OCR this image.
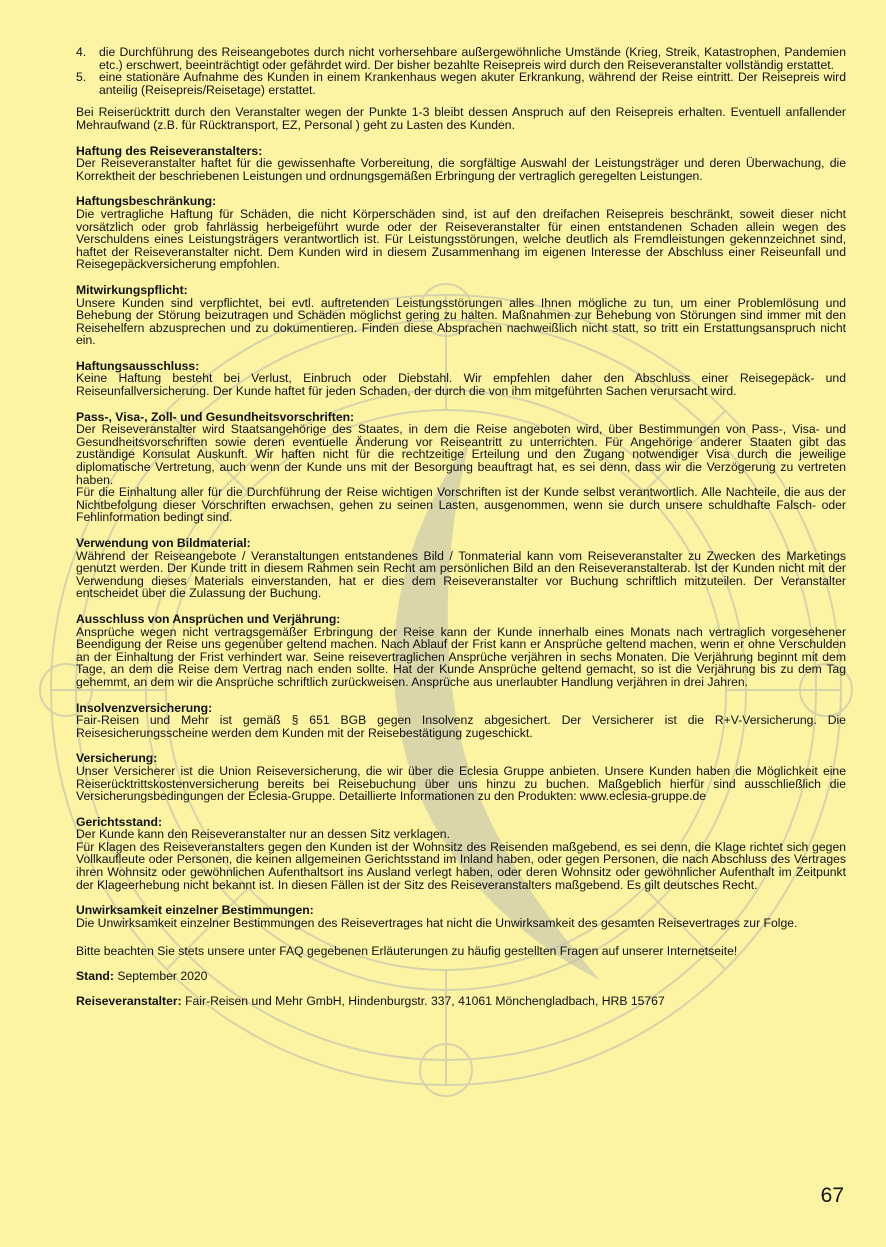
4. die Durchführung des Reiseangebotes durch nicht vorhersehbare außergewöhnliche Umstände (Krieg, Streik, Katastrophen, Pandemien etc.) erschwert, beeinträchtigt oder gefährdet wird. Der bisher bezahlte Reisepreis wird durch den Reiseveranstalter vollständig erstattet.
5. eine stationäre Aufnahme des Kunden in einem Krankenhaus wegen akuter Erkrankung, während der Reise eintritt. Der Reisepreis wird anteilig (Reisepreis/Reisetage) erstattet.

Bei Reiserücktritt durch den Veranstalter wegen der Punkte 1-3 bleibt dessen Anspruch auf den Reisepreis erhalten. Eventuell anfallender Mehraufwand (z.B. für Rücktransport, EZ, Personal ) geht zu Lasten des Kunden.

Haftung des Reiseveranstalters:

Der Reiseveranstalter haftet für die gewissenhafte Vorbereitung, die sorgfältige Auswahl der Leistungsträger und deren Überwachung, die Korrektheit der beschriebenen Leistungen und ordnungsgemäßen Erbringung der vertraglich geregelten Leistungen.

Haftungsbeschränkung:

Die vertragliche Haftung für Schäden, die nicht Körperschäden sind, ist auf den dreifachen Reisepreis beschränkt, soweit dieser nicht vorsätzlich oder grob fahrlässig herbeigeführt wurde oder der Reiseveranstalter für einen entstandenen Schaden allein wegen des Verschuldens eines Leistungsträgers verantwortlich ist. Für Leistungsstörungen, welche deutlich als Fremdleistungen gekennzeichnet sind, haftet der Reiseveranstalter nicht. Dem Kunden wird in diesem Zusammenhang im eigenen Interesse der Abschluss einer Reiseunfall und Reisegepäckversicherung empfohlen.

Mitwirkungspflicht:

Unsere Kunden sind verpflichtet, bei evtl. auftretenden Leistungsstörungen alles Ihnen mögliche zu tun, um einer Problemlösung und Behebung der Störung beizutragen und Schäden möglichst gering zu halten. Maßnahmen zur Behebung von Störungen sind immer mit den Reisehelfern abzusprechen und zu dokumentieren. Finden diese Absprachen nachweißlich nicht statt, so tritt ein Erstattungsanspruch nicht ein.

Haftungsausschluss:

Keine Haftung besteht bei Verlust, Einbruch oder Diebstahl. Wir empfehlen daher den Abschluss einer Reisegepäck- und Reiseunfallversicherung. Der Kunde haftet für jeden Schaden, der durch die von ihm mitgeführten Sachen verursacht wird.

Pass-, Visa-, Zoll- und Gesundheitsvorschriften:

Der Reiseveranstalter wird Staatsangehörige des Staates, in dem die Reise angeboten wird, über Bestimmungen von Pass-, Visa- und Gesundheitsvorschriften sowie deren eventuelle Änderung vor Reiseantritt zu unterrichten. Für Angehörige anderer Staaten gibt das zuständige Konsulat Auskunft. Wir haften nicht für die rechtzeitige Erteilung und den Zugang notwendiger Visa durch die jeweilige diplomatische Vertretung, auch wenn der Kunde uns mit der Besorgung beauftragt hat, es sei denn, dass wir die Verzögerung zu vertreten haben.

Für die Einhaltung aller für die Durchführung der Reise wichtigen Vorschriften ist der Kunde selbst verantwortlich. Alle Nachteile, die aus der Nichtbefolgung dieser Vorschriften erwachsen, gehen zu seinen Lasten, ausgenommen, wenn sie durch unsere schuldhafte Falsch- oder Fehlinformation bedingt sind.

Verwendung von Bildmaterial:

Während der Reiseangebote / Veranstaltungen entstandenes Bild / Tonmaterial kann vom Reiseveranstalter zu Zwecken des Marketings genutzt werden. Der Kunde tritt in diesem Rahmen sein Recht am persönlichen Bild an den Reiseveranstalterab. Ist der Kunden nicht mit der Verwendung dieses Materials einverstanden, hat er dies dem Reiseveranstalter vor Buchung schriftlich mitzuteilen. Der Veranstalter entscheidet über die Zulassung der Buchung.

Ausschluss von Ansprüchen und Verjährung:

Ansprüche wegen nicht vertragsgemäßer Erbringung der Reise kann der Kunde innerhalb eines Monats nach vertraglich vorgesehener Beendigung der Reise uns gegenüber geltend machen. Nach Ablauf der Frist kann er Ansprüche geltend machen, wenn er ohne Verschulden an der Einhaltung der Frist verhindert war. Seine reisevertraglichen Ansprüche verjähren in sechs Monaten. Die Verjährung beginnt mit dem Tage, an dem die Reise dem Vertrag nach enden sollte. Hat der Kunde Ansprüche geltend gemacht, so ist die Verjährung bis zu dem Tag gehemmt, an dem wir die Ansprüche schriftlich zurückweisen. Ansprüche aus unerlaubter Handlung verjähren in drei Jahren.

Insolvenzversicherung:

Fair-Reisen und Mehr ist gemäß § 651 BGB gegen Insolvenz abgesichert. Der Versicherer ist die R+V-Versicherung. Die Reisesicherungsscheine werden dem Kunden mit der Reisebestätigung zugeschickt.

Versicherung:

Unser Versicherer ist die Union Reiseversicherung, die wir über die Eclesia Gruppe anbieten. Unsere Kunden haben die Möglichkeit eine Reiserücktrittskostenversicherung bereits bei Reisebuchung über uns hinzu zu buchen. Maßgeblich hierfür sind ausschließlich die Versicherungsbedingungen der Eclesia-Gruppe. Detaillierte Informationen zu den Produkten: www.eclesia-gruppe.de

Gerichtsstand:

Der Kunde kann den Reiseveranstalter nur an dessen Sitz verklagen.

Für Klagen des Reiseveranstalters gegen den Kunden ist der Wohnsitz des Reisenden maßgebend, es sei denn, die Klage richtet sich gegen Vollkaufleute oder Personen, die keinen allgemeinen Gerichtsstand im Inland haben, oder gegen Personen, die nach Abschluss des Vertrages ihren Wohnsitz oder gewöhnlichen Aufenthaltsort ins Ausland verlegt haben, oder deren Wohnsitz oder gewöhnlicher Aufenthalt im Zeitpunkt der Klageerhebung nicht bekannt ist. In diesen Fällen ist der Sitz des Reiseveranstalters maßgebend. Es gilt deutsches Recht.

Unwirksamkeit einzelner Bestimmungen:

Die Unwirksamkeit einzelner Bestimmungen des Reisevertrages hat nicht die Unwirksamkeit des gesamten Reisevertrages zur Folge.

Bitte beachten Sie stets unsere unter FAQ gegebenen Erläuterungen zu häufig gestellten Fragen auf unserer Internetseite!

Stand: September 2020

Reiseveranstalter: Fair-Reisen und Mehr GmbH, Hindenburgstr. 337, 41061 Mönchengladbach, HRB 15767

67
